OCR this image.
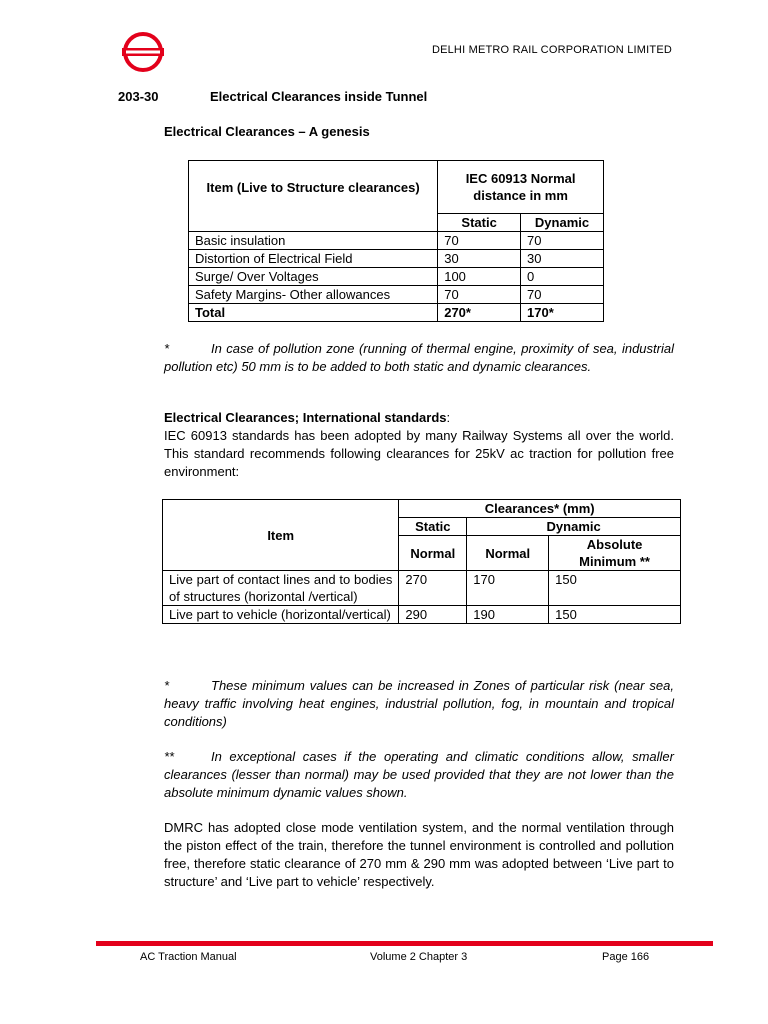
DELHI METRO RAIL CORPORATION LIMITED
203-30	Electrical Clearances inside Tunnel
Electrical Clearances – A genesis
Item (Live to Structure clearances)	IEC 60913 Normal distance in mm	
	Static	Dynamic
Basic insulation	70	70
Distortion of Electrical Field	30	30
Surge/ Over Voltages	100	0
Safety Margins- Other allowances	70	70
Total	270*	170*
*	In case of pollution zone (running of thermal engine, proximity of sea, industrial pollution etc) 50 mm is to be added to both static and dynamic clearances.
Electrical Clearances; International standards:
IEC 60913 standards has been adopted by many Railway Systems all over the world. This standard recommends following clearances for 25kV ac traction for pollution free environment:
Item	Clearances* (mm)		
	Static	Dynamic	
	Normal	Normal	Absolute Minimum **
Live part of contact lines and to bodies of structures (horizontal /vertical)	270	170	150
Live part to vehicle (horizontal/vertical)	290	190	150
*	These minimum values can be increased in Zones of particular risk (near sea, heavy traffic involving heat engines, industrial pollution, fog, in mountain and tropical conditions)
**	In exceptional cases if the operating and climatic conditions allow, smaller clearances (lesser than normal) may be used provided that they are not lower than the absolute minimum dynamic values shown.
DMRC has adopted close mode ventilation system, and the normal ventilation through the piston effect of the train, therefore the tunnel environment is controlled and pollution free, therefore static clearance of 270 mm & 290 mm was adopted between ‘Live part to structure’ and ‘Live part to vehicle’ respectively.
AC Traction Manual	Volume 2 Chapter 3	Page 166
